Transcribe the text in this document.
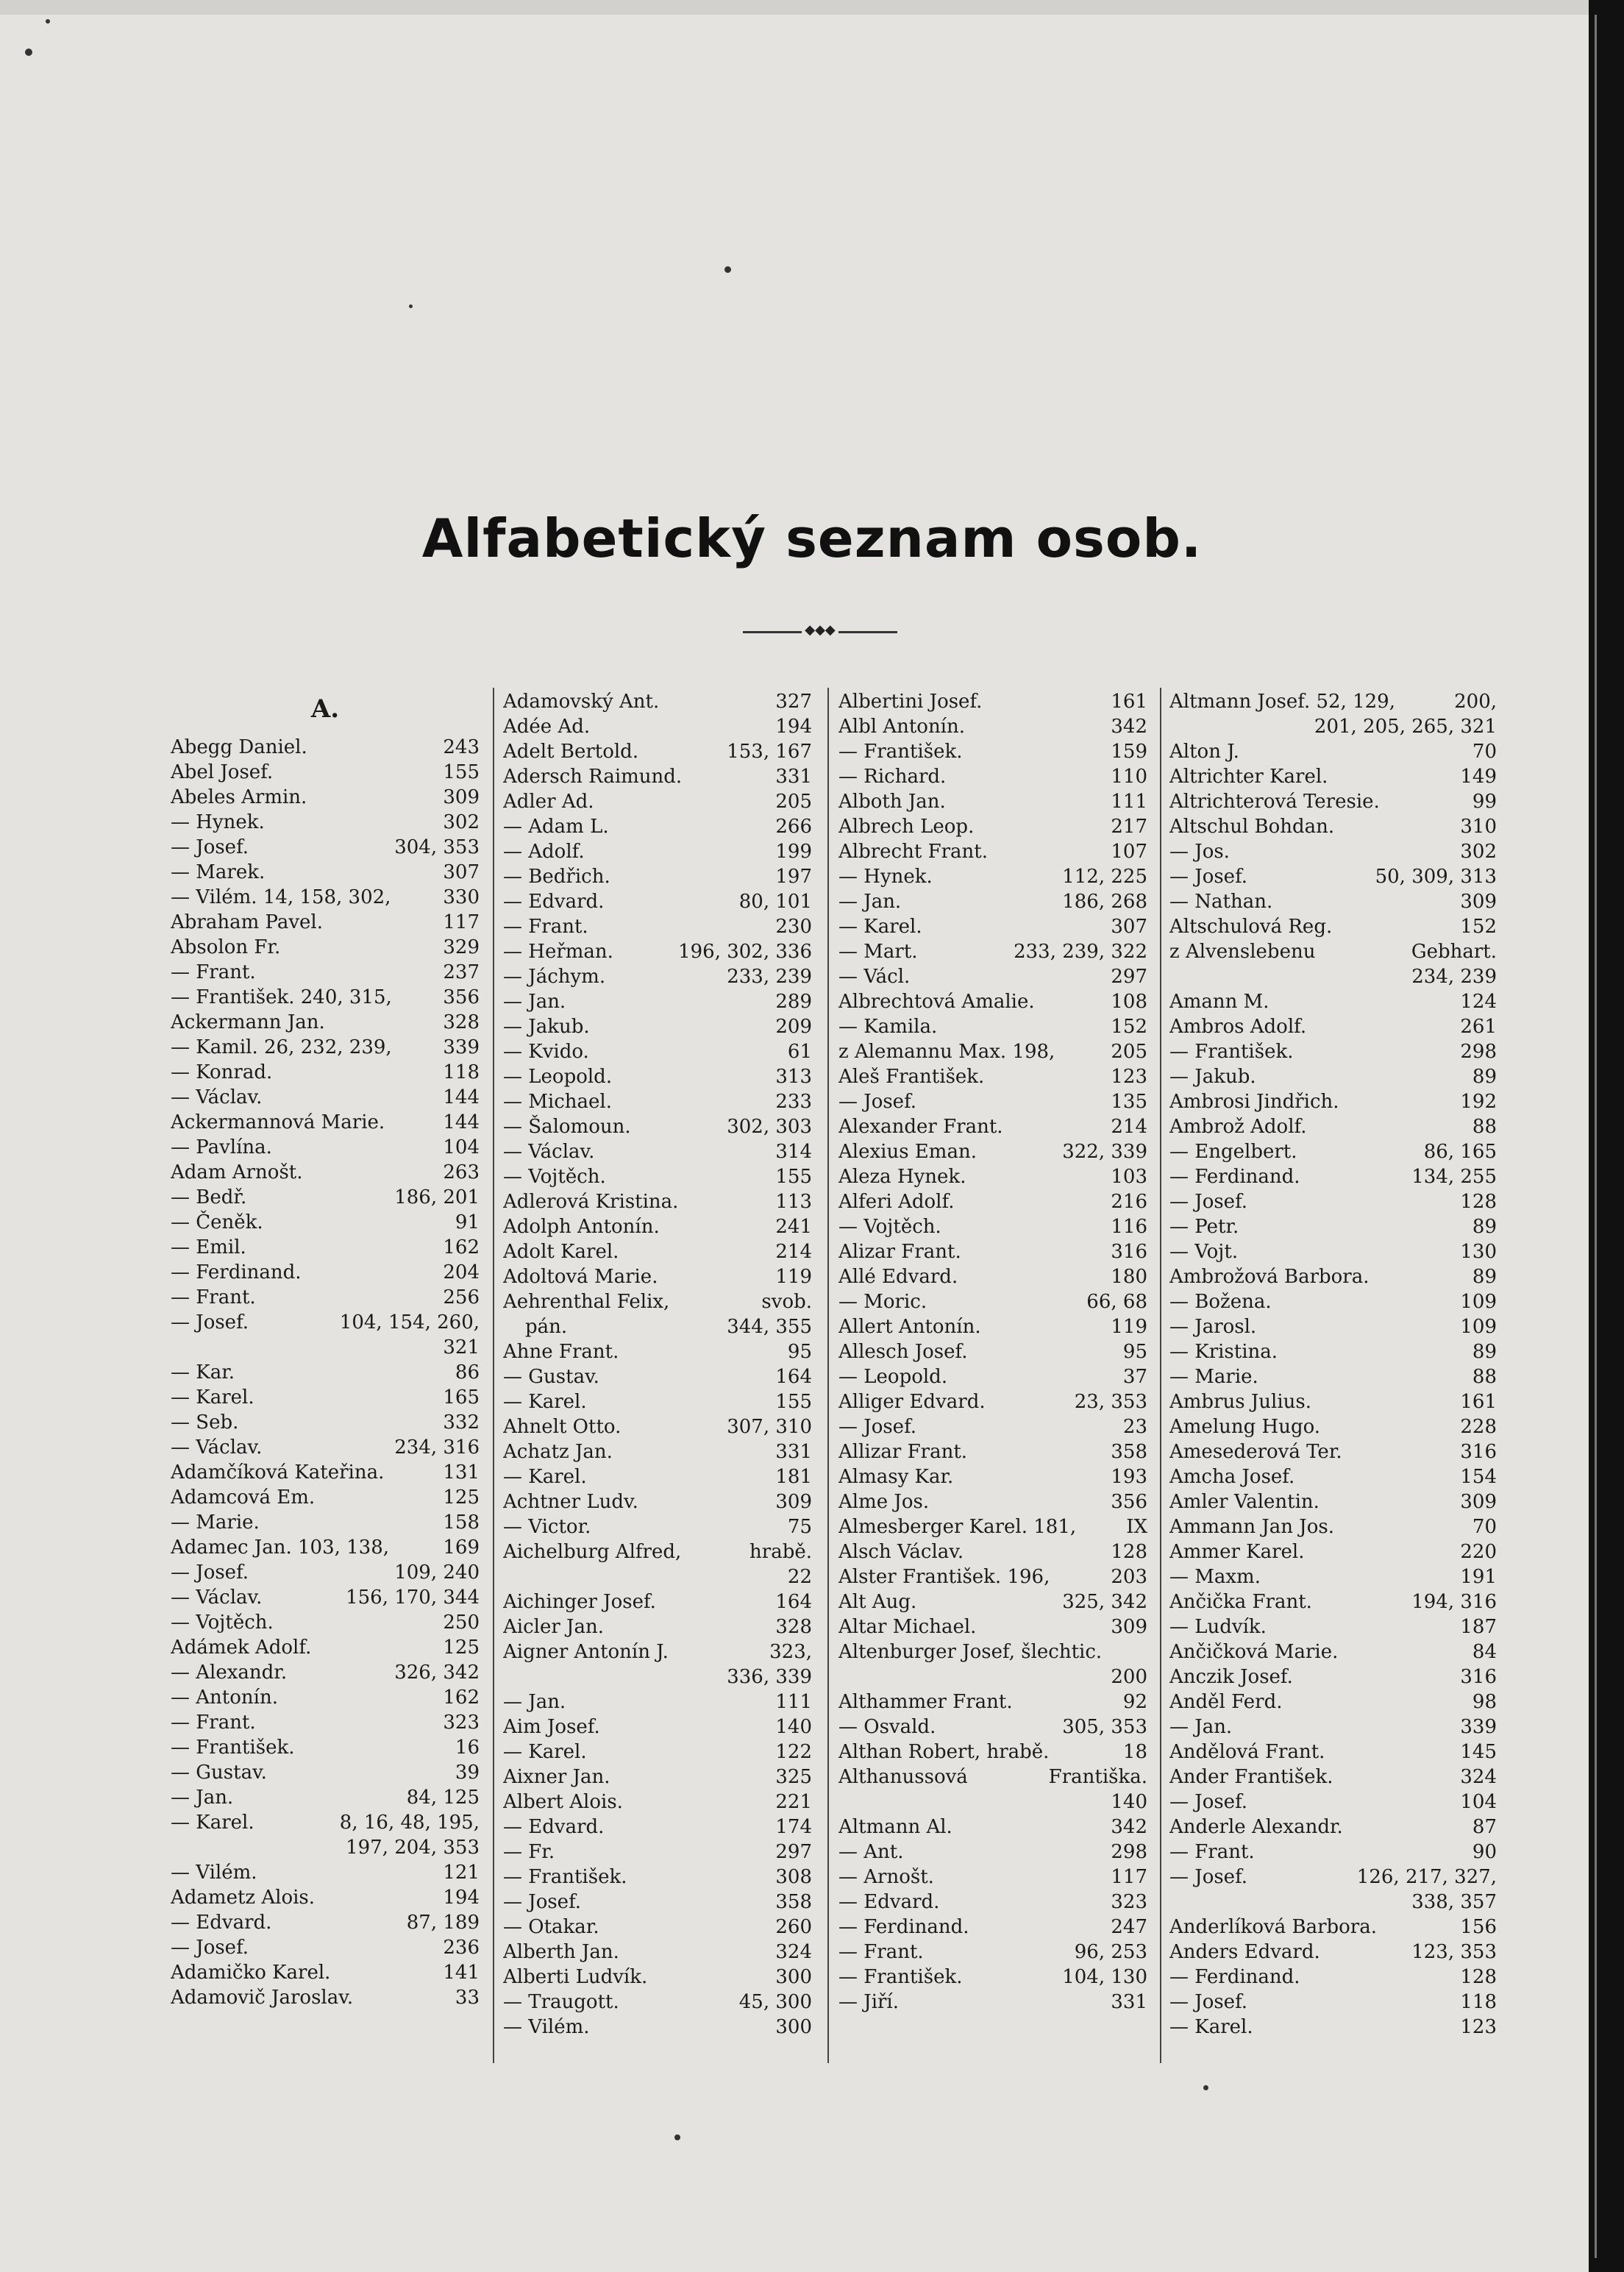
Alfabetický seznam osob.
◆◆◆
A.
Abegg Daniel.	243
Abel Josef.	155
Abeles Armin.	309
— Hynek.	302
— Josef.	304, 353
— Marek.	307
— Vilém. 14, 158, 302,	330
Abraham Pavel.	117
Absolon Fr.	329
— Frant.	237
— František. 240, 315,	356
Ackermann Jan.	328
— Kamil. 26, 232, 239,	339
— Konrad.	118
— Václav.	144
Ackermannová Marie.	144
— Pavlína.	104
Adam Arnošt.	263
— Bedř.	186, 201
— Čeněk.	91
— Emil.	162
— Ferdinand.	204
— Frant.	256
— Josef.	104, 154, 260,
321
— Kar.	86
— Karel.	165
— Seb.	332
— Václav.	234, 316
Adamčíková Kateřina.	131
Adamcová Em.	125
— Marie.	158
Adamec Jan. 103, 138,	169
— Josef.	109, 240
— Václav.	156, 170, 344
— Vojtěch.	250
Adámek Adolf.	125
— Alexandr.	326, 342
— Antonín.	162
— Frant.	323
— František.	16
— Gustav.	39
— Jan.	84, 125
— Karel.	8, 16, 48, 195,
197, 204, 353
— Vilém.	121
Adametz Alois.	194
— Edvard.	87, 189
— Josef.	236
Adamičko Karel.	141
Adamovič Jaroslav.	33
Adamovský Ant.	327
Adée Ad.	194
Adelt Bertold.	153, 167
Adersch Raimund.	331
Adler Ad.	205
— Adam L.	266
— Adolf.	199
— Bedřich.	197
— Edvard.	80, 101
— Frant.	230
— Heřman.	196, 302, 336
— Jáchym.	233, 239
— Jan.	289
— Jakub.	209
— Kvido.	61
— Leopold.	313
— Michael.	233
— Šalomoun.	302, 303
— Václav.	314
— Vojtěch.	155
Adlerová Kristina.	113
Adolph Antonín.	241
Adolt Karel.	214
Adoltová Marie.	119
Aehrenthal Felix,	svob.
pán.	344, 355
Ahne Frant.	95
— Gustav.	164
— Karel.	155
Ahnelt Otto.	307, 310
Achatz Jan.	331
— Karel.	181
Achtner Ludv.	309
— Victor.	75
Aichelburg Alfred,	hrabě.
22
Aichinger Josef.	164
Aicler Jan.	328
Aigner Antonín J.	323,
336, 339
— Jan.	111
Aim Josef.	140
— Karel.	122
Aixner Jan.	325
Albert Alois.	221
— Edvard.	174
— Fr.	297
— František.	308
— Josef.	358
— Otakar.	260
Alberth Jan.	324
Alberti Ludvík.	300
— Traugott.	45, 300
— Vilém.	300
Albertini Josef.	161
Albl Antonín.	342
— František.	159
— Richard.	110
Alboth Jan.	111
Albrech Leop.	217
Albrecht Frant.	107
— Hynek.	112, 225
— Jan.	186, 268
— Karel.	307
— Mart.	233, 239, 322
— Václ.	297
Albrechtová Amalie.	108
— Kamila.	152
z Alemannu Max. 198,	205
Aleš František.	123
— Josef.	135
Alexander Frant.	214
Alexius Eman.	322, 339
Aleza Hynek.	103
Alferi Adolf.	216
— Vojtěch.	116
Alizar Frant.	316
Allé Edvard.	180
— Moric.	66, 68
Allert Antonín.	119
Allesch Josef.	95
— Leopold.	37
Alliger Edvard.	23, 353
— Josef.	23
Allizar Frant.	358
Almasy Kar.	193
Alme Jos.	356
Almesberger Karel. 181,	IX
Alsch Václav.	128
Alster František. 196,	203
Alt Aug.	325, 342
Altar Michael.	309
Altenburger Josef, šlechtic.
200
Althammer Frant.	92
— Osvald.	305, 353
Althan Robert, hrabě.	18
Althanussová	Františka.
140
Altmann Al.	342
— Ant.	298
— Arnošt.	117
— Edvard.	323
— Ferdinand.	247
— Frant.	96, 253
— František.	104, 130
— Jiří.	331
Altmann Josef. 52, 129,	200,
201, 205, 265, 321
Alton J.	70
Altrichter Karel.	149
Altrichterová Teresie.	99
Altschul Bohdan.	310
— Jos.	302
— Josef.	50, 309, 313
— Nathan.	309
Altschulová Reg.	152
z Alvenslebenu	Gebhart.
234, 239
Amann M.	124
Ambros Adolf.	261
— František.	298
— Jakub.	89
Ambrosi Jindřich.	192
Ambrož Adolf.	88
— Engelbert.	86, 165
— Ferdinand.	134, 255
— Josef.	128
— Petr.	89
— Vojt.	130
Ambrožová Barbora.	89
— Božena.	109
— Jarosl.	109
— Kristina.	89
— Marie.	88
Ambrus Julius.	161
Amelung Hugo.	228
Amesederová Ter.	316
Amcha Josef.	154
Amler Valentin.	309
Ammann Jan Jos.	70
Ammer Karel.	220
— Maxm.	191
Ančička Frant.	194, 316
— Ludvík.	187
Ančičková Marie.	84
Anczik Josef.	316
Anděl Ferd.	98
— Jan.	339
Andělová Frant.	145
Ander František.	324
— Josef.	104
Anderle Alexandr.	87
— Frant.	90
— Josef.	126, 217, 327,
338, 357
Anderlíková Barbora.	156
Anders Edvard.	123, 353
— Ferdinand.	128
— Josef.	118
— Karel.	123
